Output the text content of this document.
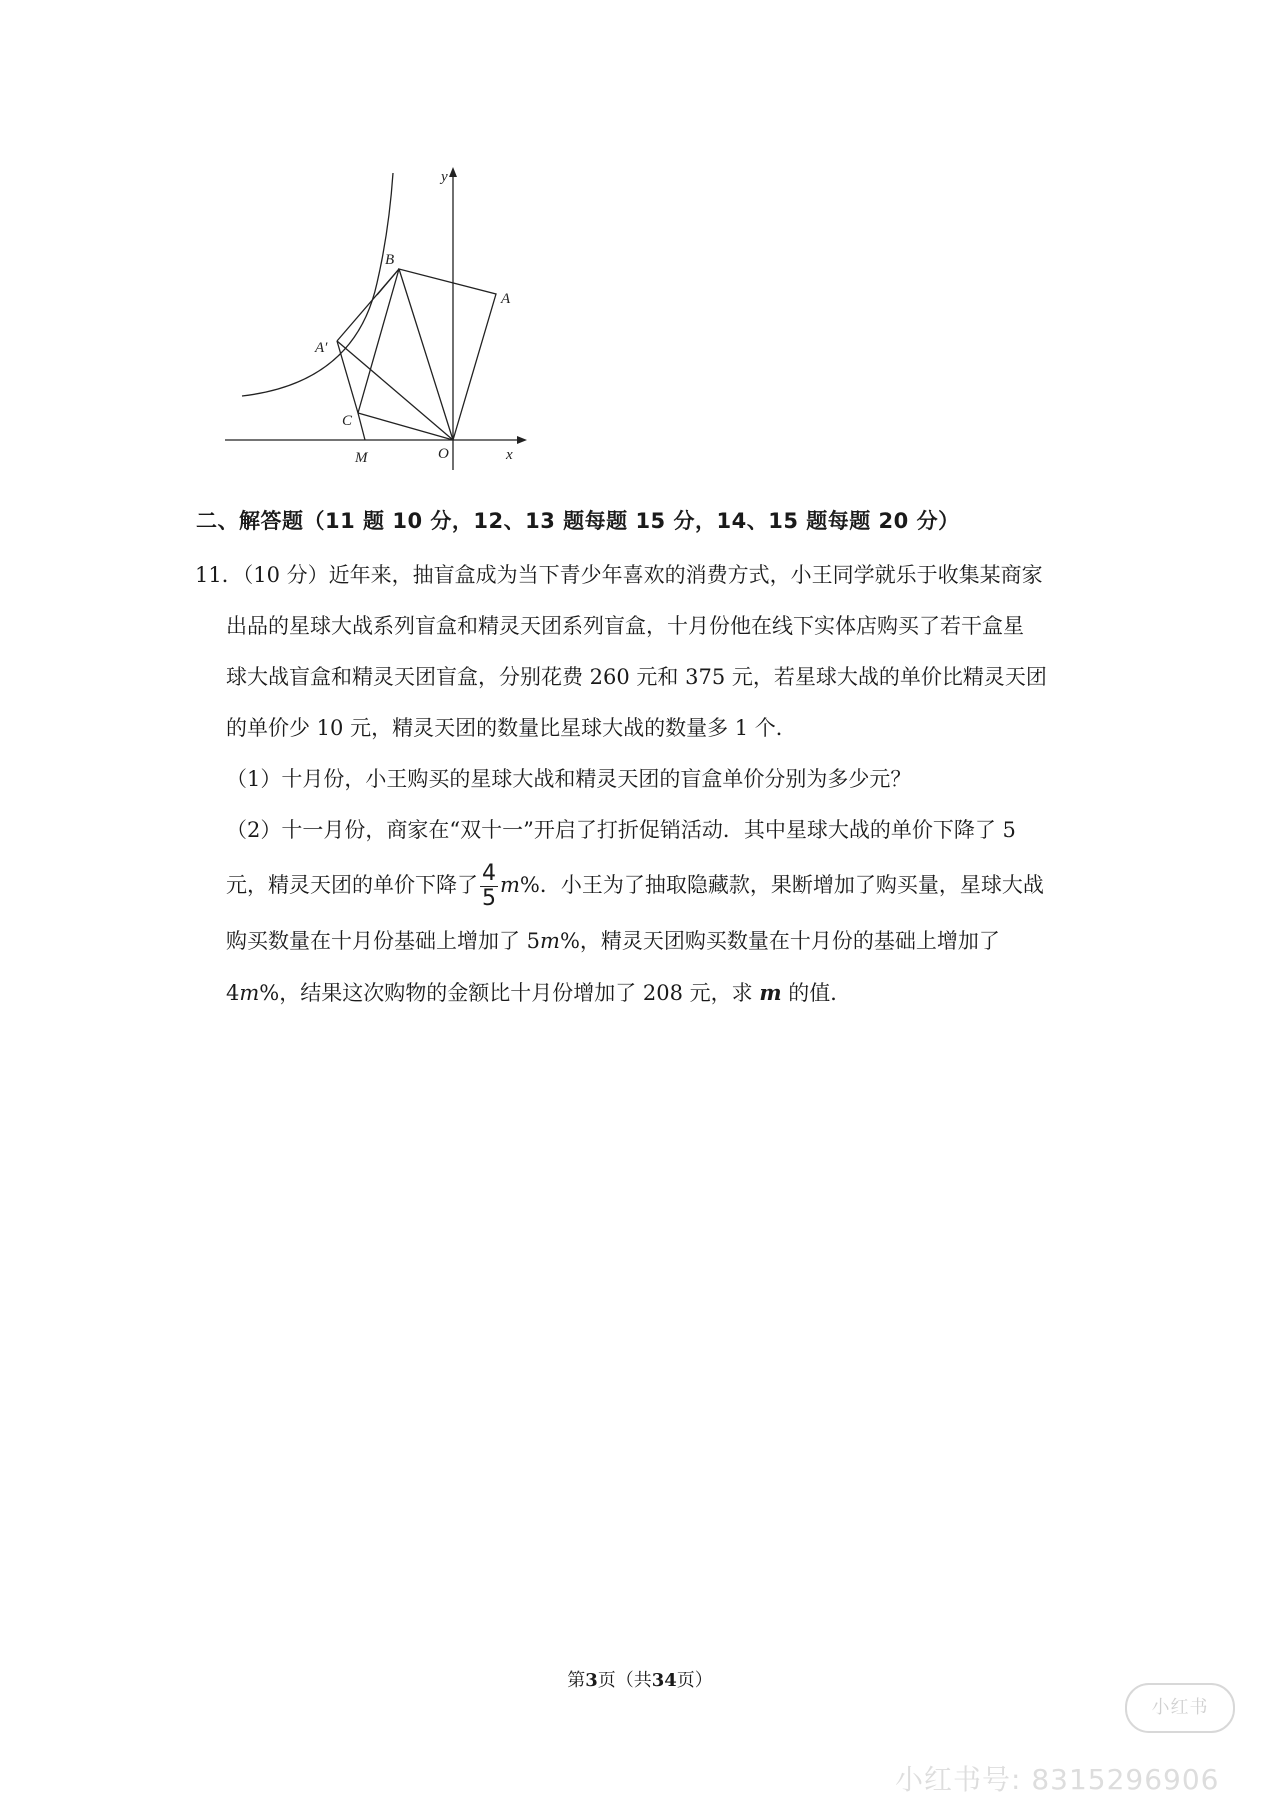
y
x
B
A
A′
C
M	O
二、解答题（11 题 10 分，12、13 题每题 15 分，14、15 题每题 20 分）
11．（10 分）近年来，抽盲盒成为当下青少年喜欢的消费方式，小王同学就乐于收集某商家
出品的星球大战系列盲盒和精灵天团系列盲盒，十月份他在线下实体店购买了若干盒星
球大战盲盒和精灵天团盲盒，分别花费 260 元和 375 元，若星球大战的单价比精灵天团
的单价少 10 元，精灵天团的数量比星球大战的数量多 1 个．
（1）十月份，小王购买的星球大战和精灵天团的盲盒单价分别为多少元？
（2）十一月份，商家在“双十一”开启了打折促销活动．其中星球大战的单价下降了 5
元，精灵天团的单价下降了 $\frac{4}{5} m\%$．小王为了抽取隐藏款，果断增加了购买量，星球大战
购买数量在十月份基础上增加了 5m%，精灵天团购买数量在十月份的基础上增加了
4m%，结果这次购物的金额比十月份增加了 208 元，求 m 的值．
第3页（共34页）
小红书
小红书号: 8315296906
